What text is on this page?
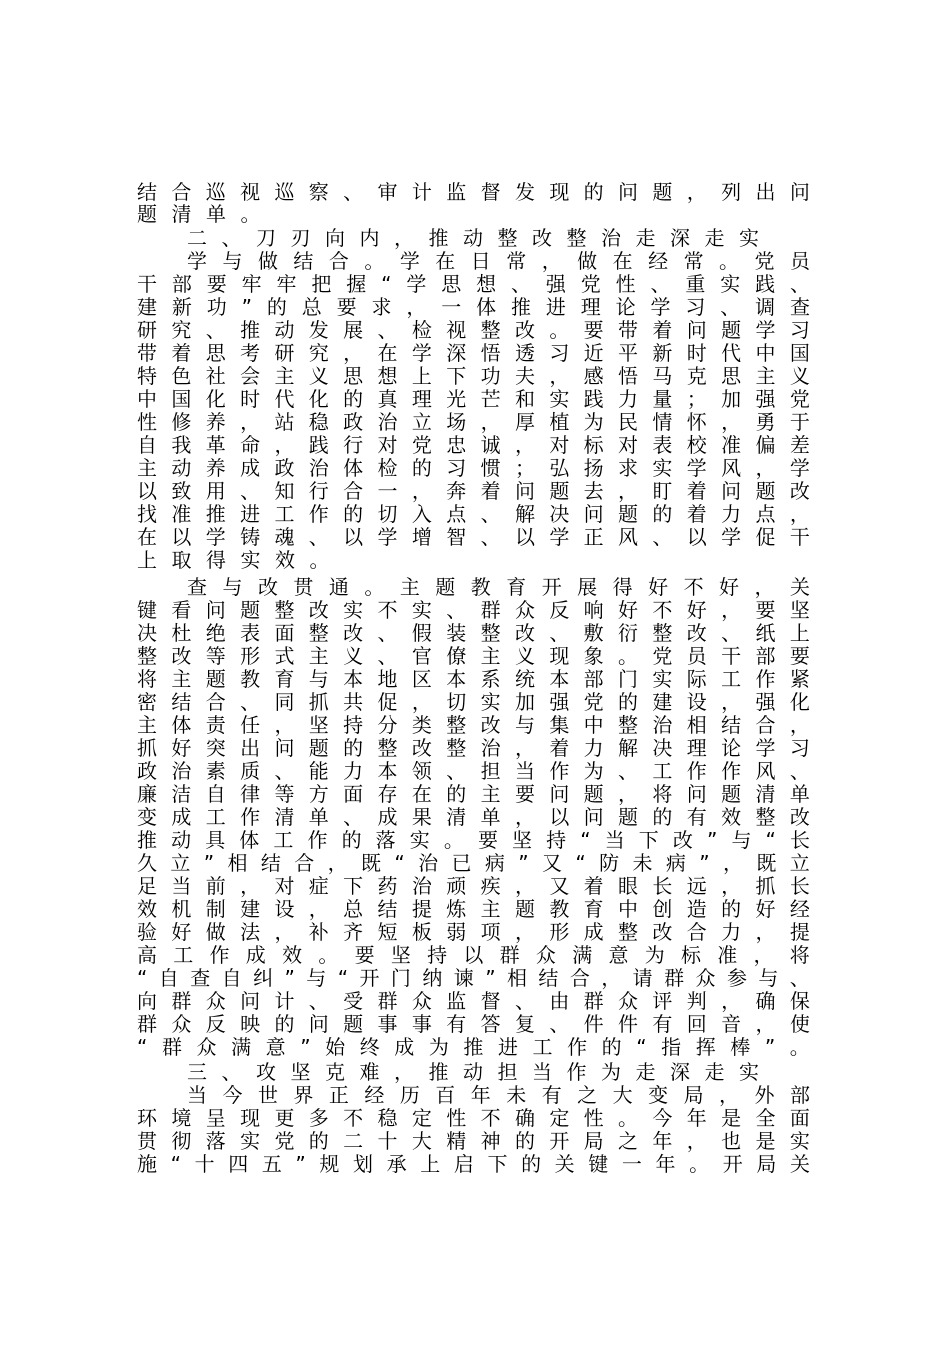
结 合 巡 视 巡 察 、 审 计 监 督 发 现 的 问 题 ， 列 出 问
题 清 单 。
二 、 刀 刃 向 内 ， 推 动 整 改 整 治 走 深 走 实
学 与 做 结 合 。 学 在 日 常 ， 做 在 经 常 。 党 员
干 部 要 牢 牢 把 握 “ 学 思 想 、 强 党 性 、 重 实 践 、
建 新 功 ” 的 总 要 求 ， 一 体 推 进 理 论 学 习 、 调 查
研 究 、 推 动 发 展 、 检 视 整 改 。 要 带 着 问 题 学 习
带 着 思 考 研 究 ， 在 学 深 悟 透 习 近 平 新 时 代 中 国
特 色 社 会 主 义 思 想 上 下 功 夫 ， 感 悟 马 克 思 主 义
中 国 化 时 代 化 的 真 理 光 芒 和 实 践 力 量 ； 加 强 党
性 修 养 ， 站 稳 政 治 立 场 ， 厚 植 为 民 情 怀 ， 勇 于
自 我 革 命 ， 践 行 对 党 忠 诚 ， 对 标 对 表 校 准 偏 差
主 动 养 成 政 治 体 检 的 习 惯 ； 弘 扬 求 实 学 风 ， 学
以 致 用 、 知 行 合 一 ， 奔 着 问 题 去 ， 盯 着 问 题 改
找 准 推 进 工 作 的 切 入 点 、 解 决 问 题 的 着 力 点 ，
在 以 学 铸 魂 、 以 学 增 智 、 以 学 正 风 、 以 学 促 干
上 取 得 实 效 。
查 与 改 贯 通 。 主 题 教 育 开 展 得 好 不 好 ， 关
键 看 问 题 整 改 实 不 实 、 群 众 反 响 好 不 好 ， 要 坚
决 杜 绝 表 面 整 改 、 假 装 整 改 、 敷 衍 整 改 、 纸 上
整 改 等 形 式 主 义 、 官 僚 主 义 现 象 。 党 员 干 部 要
将 主 题 教 育 与 本 地 区 本 系 统 本 部 门 实 际 工 作 紧
密 结 合 、 同 抓 共 促 ， 切 实 加 强 党 的 建 设 ， 强 化
主 体 责 任 ， 坚 持 分 类 整 改 与 集 中 整 治 相 结 合 ，
抓 好 突 出 问 题 的 整 改 整 治 ， 着 力 解 决 理 论 学 习
政 治 素 质 、 能 力 本 领 、 担 当 作 为 、 工 作 作 风 、
廉 洁 自 律 等 方 面 存 在 的 主 要 问 题 ， 将 问 题 清 单
变 成 工 作 清 单 、 成 果 清 单 ， 以 问 题 的 有 效 整 改
推 动 具 体 工 作 的 落 实 。 要 坚 持 “ 当 下 改 ” 与 “ 长
久 立 ” 相 结 合 ， 既 “ 治 已 病 ” 又 “ 防 未 病 ” ， 既 立
足 当 前 ， 对 症 下 药 治 顽 疾 ， 又 着 眼 长 远 ， 抓 长
效 机 制 建 设 ， 总 结 提 炼 主 题 教 育 中 创 造 的 好 经
验 好 做 法 ， 补 齐 短 板 弱 项 ， 形 成 整 改 合 力 ， 提
高 工 作 成 效 。 要 坚 持 以 群 众 满 意 为 标 准 ， 将
“ 自 查 自 纠 ” 与 “ 开 门 纳 谏 ” 相 结 合 ， 请 群 众 参 与 、
向 群 众 问 计 、 受 群 众 监 督 、 由 群 众 评 判 ， 确 保
群 众 反 映 的 问 题 事 事 有 答 复 、 件 件 有 回 音 ， 使
“ 群 众 满 意 ” 始 终 成 为 推 进 工 作 的 “ 指 挥 棒 ” 。
三 、 攻 坚 克 难 ， 推 动 担 当 作 为 走 深 走 实
当 今 世 界 正 经 历 百 年 未 有 之 大 变 局 ， 外 部
环 境 呈 现 更 多 不 稳 定 性 不 确 定 性 。 今 年 是 全 面
贯 彻 落 实 党 的 二 十 大 精 神 的 开 局 之 年 ， 也 是 实
施 “ 十 四 五 ” 规 划 承 上 启 下 的 关 键 一 年 。 开 局 关
